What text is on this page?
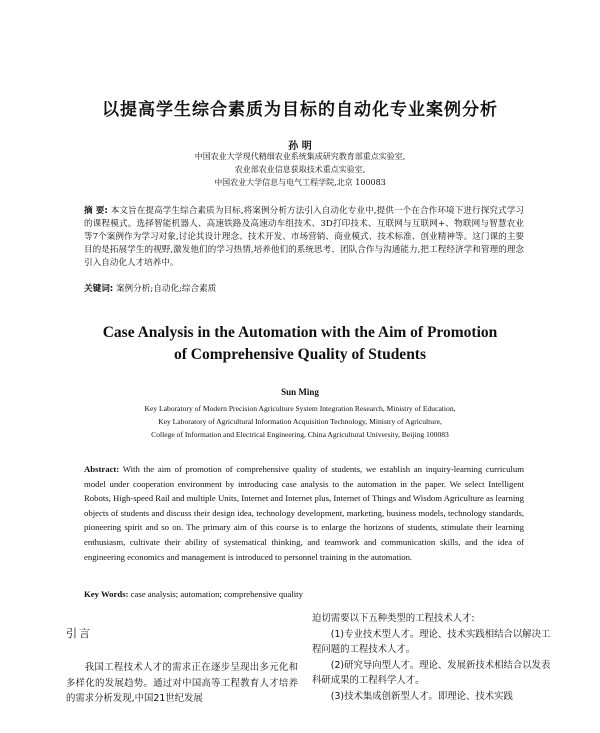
以提高学生综合素质为目标的自动化专业案例分析
孙 明
中国农业大学现代精细农业系统集成研究教育部重点实验室,
农业部农业信息获取技术重点实验室,
中国农业大学信息与电气工程学院,北京 100083
摘 要: 本文旨在提高学生综合素质为目标,将案例分析方法引入自动化专业中,提供一个在合作环境下进行探究式学习的课程模式。选择智能机器人、高速铁路及高速动车组技术、3D打印技术、互联网与互联网+、物联网与智慧农业等7个案例作为学习对象,讨论其设计理念、技术开发、市场营销、商业模式、技术标准、创业精神等。这门课的主要目的是拓展学生的视野,激发他们的学习热情,培养他们的系统思考、团队合作与沟通能力,把工程经济学和管理的理念引入自动化人才培养中。
关键词: 案例分析;自动化;综合素质
Case Analysis in the Automation with the Aim of Promotion
of Comprehensive Quality of Students
Sun Ming
Key Laboratory of Modern Precision Agriculture System Integration Research, Ministry of Education,
Key Laboratory of Agricultural Information Acquisition Technology, Ministry of Agriculture,
College of Information and Electrical Engineering, China Agricultural University, Beijing 100083
Abstract: With the aim of promotion of comprehensive quality of students, we establish an inquiry-learning curriculum model under cooperation environment by introducing case analysis to the automation in the paper. We select Intelligent Robots, High-speed Rail and multiple Units, Internet and Internet plus, Internet of Things and Wisdom Agriculture as learning objects of students and discuss their design idea, technology development, marketing, business models, technology standards, pioneering spirit and so on. The primary aim of this course is to enlarge the horizons of students, stimulate their learning enthusiasm, cultivate their ability of systematical thinking, and teamwork and communication skills, and the idea of engineering economics and management is introduced to personnel training in the automation.
Key Words: case analysis; automation; comprehensive quality
引言

我国工程技术人才的需求正在逐步呈现出多元化和多样化的发展趋势。通过对中国高等工程教育人才培养的需求分析发现,中国21世纪发展

迫切需要以下五种类型的工程技术人才:

(1)专业技术型人才。理论、技术实践相结合以解决工程问题的工程技术人才。

(2)研究导向型人才。理论、发展新技术相结合以发表科研成果的工程科学人才。

(3)技术集成创新型人才。即理论、技术实践
